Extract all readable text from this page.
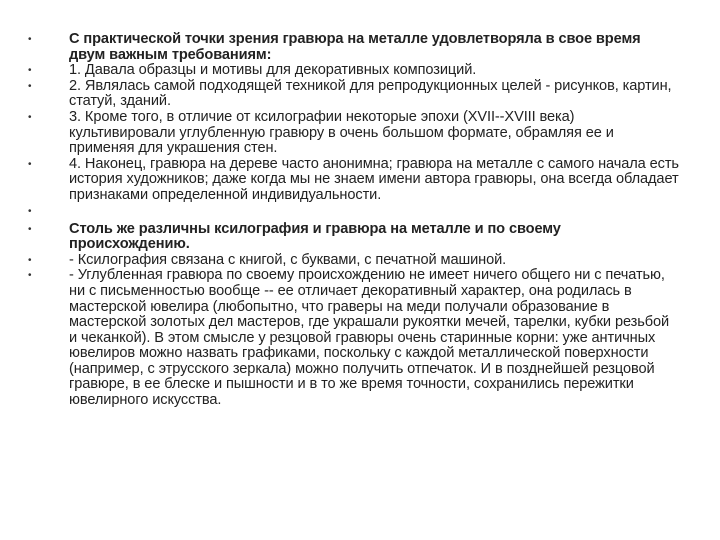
•	С практической точки зрения гравюра на металле удовлетворяла в свое время двум важным требованиям:
•	1. Давала образцы и мотивы для декоративных композиций.
•	2. Являлась самой подходящей техникой для репродукционных целей - рисунков, картин, статуй, зданий.
•	3. Кроме того, в отличие от ксилографии некоторые эпохи (XVII--XVIII века) культивировали углубленную гравюру в очень большом формате, обрамляя ее и применяя для украшения стен.
•	4. Наконец, гравюра на дереве часто анонимна; гравюра на металле с самого начала есть история художников; даже когда мы не знаем имени автора гравюры, она всегда обладает признаками определенной индивидуальности.
•
•	Столь же различны ксилография и гравюра на металле и по своему происхождению.
•	- Ксилография связана с книгой, с буквами, с печатной машиной.
•	- Углубленная гравюра по своему происхождению не имеет ничего общего ни с печатью, ни с письменностью вообще -- ее отличает декоративный характер, она родилась в мастерской ювелира (любопытно, что граверы на меди получали образование в мастерской золотых дел мастеров, где украшали рукоятки мечей, тарелки, кубки резьбой и чеканкой). В этом смысле у резцовой гравюры очень старинные корни: уже античных ювелиров можно назвать графиками, поскольку с каждой металлической поверхности (например, с этрусского зеркала) можно получить отпечаток. И в позднейшей резцовой гравюре, в ее блеске и пышности и в то же время точности, сохранились пережитки ювелирного искусства.
